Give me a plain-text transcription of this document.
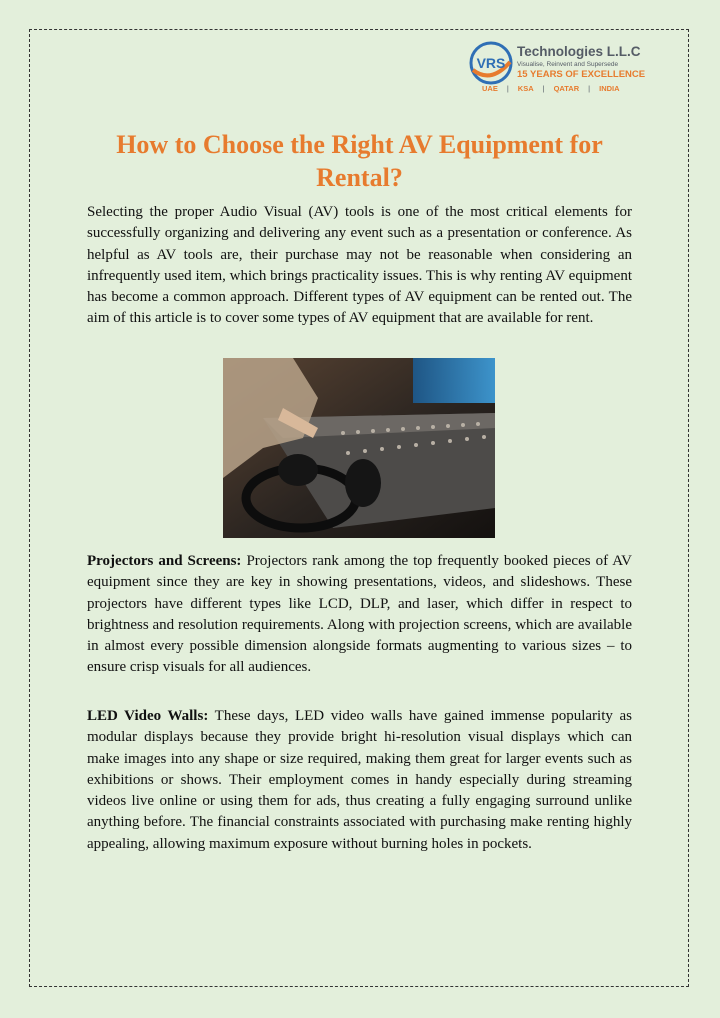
VRS
Technologies L.L.C
Visualise, Reinvent and Supersede
15 YEARS OF EXCELLENCE
UAE | KSA | QATAR | INDIA
How to Choose the Right AV Equipment for Rental?

Selecting the proper Audio Visual (AV) tools is one of the most critical elements for successfully organizing and delivering any event such as a presentation or conference. As helpful as AV tools are, their purchase may not be reasonable when considering an infrequently used item, which brings practicality issues. This is why renting AV equipment has become a common approach. Different types of AV equipment can be rented out. The aim of this article is to cover some types of AV equipment that are available for rent.

Projectors and Screens: Projectors rank among the top frequently booked pieces of AV equipment since they are key in showing presentations, videos, and slideshows. These projectors have different types like LCD, DLP, and laser, which differ in respect to brightness and resolution requirements. Along with projection screens, which are available in almost every possible dimension alongside formats augmenting to various sizes – to ensure crisp visuals for all audiences.

LED Video Walls: These days, LED video walls have gained immense popularity as modular displays because they provide bright hi-resolution visual displays which can make images into any shape or size required, making them great for larger events such as exhibitions or shows. Their employment comes in handy especially during streaming videos live online or using them for ads, thus creating a fully engaging surround unlike anything before. The financial constraints associated with purchasing make renting highly appealing, allowing maximum exposure without burning holes in pockets.
